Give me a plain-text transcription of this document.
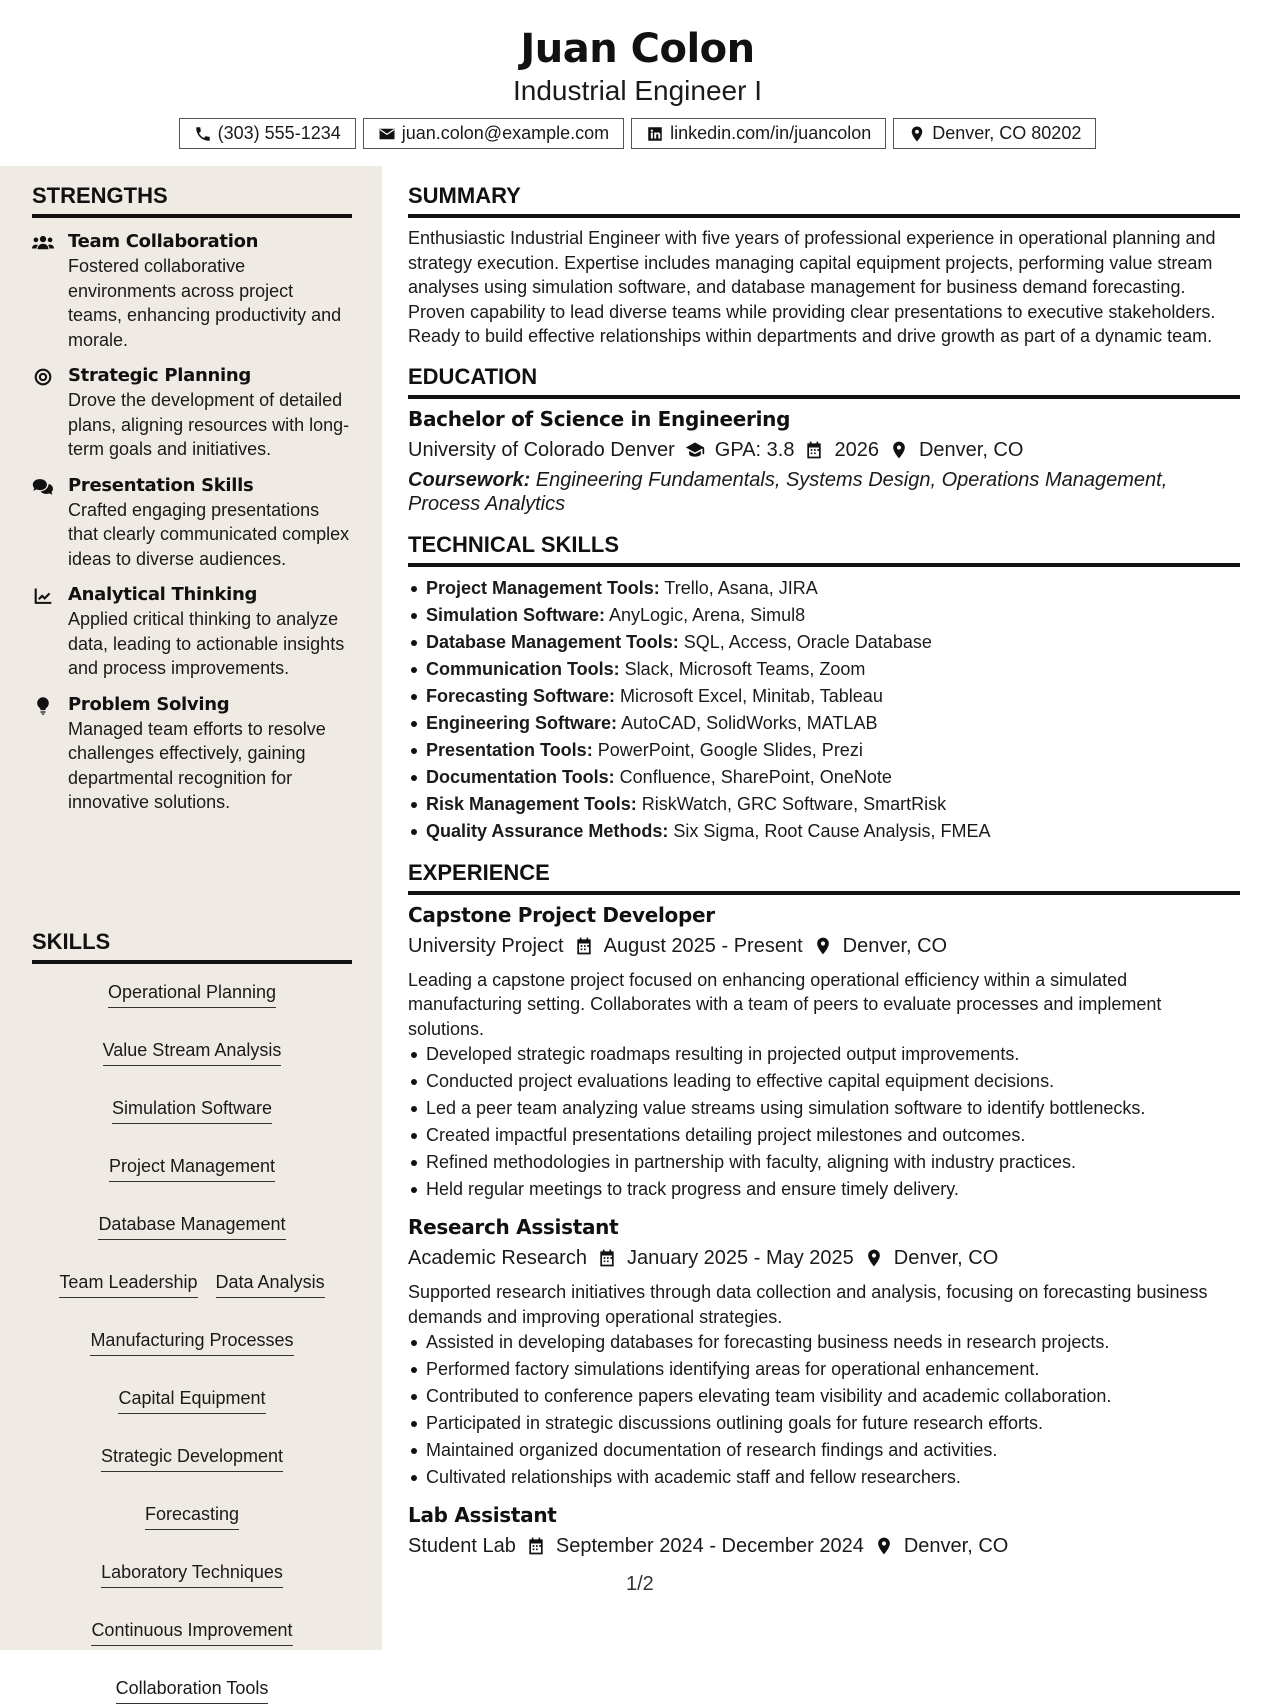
Juan Colon
Industrial Engineer I
(303) 555-1234	juan.colon@example.com	linkedin.com/in/juancolon	Denver, CO 80202
STRENGTHS
Team Collaboration

Fostered collaborative environments across project teams, enhancing productivity and morale.

Strategic Planning

Drove the development of detailed plans, aligning resources with long-term goals and initiatives.

Presentation Skills

Crafted engaging presentations that clearly communicated complex ideas to diverse audiences.

Analytical Thinking

Applied critical thinking to analyze data, leading to actionable insights and process improvements.

Problem Solving

Managed team efforts to resolve challenges effectively, gaining departmental recognition for innovative solutions.

SKILLS
Operational Planning
Value Stream Analysis
Simulation Software
Project Management
Database Management
Team Leadership Data Analysis
Manufacturing Processes
Capital Equipment
Strategic Development
Forecasting
Laboratory Techniques
Continuous Improvement
Collaboration Tools
SUMMARY

Enthusiastic Industrial Engineer with five years of professional experience in operational planning and strategy execution. Expertise includes managing capital equipment projects, performing value stream analyses using simulation software, and database management for business demand forecasting. Proven capability to lead diverse teams while providing clear presentations to executive stakeholders. Ready to build effective relationships within departments and drive growth as part of a dynamic team.

EDUCATION
Bachelor of Science in Engineering
University of Colorado Denver GPA: 3.8 2026 Denver, CO

Coursework: Engineering Fundamentals, Systems Design, Operations Management, Process Analytics

TECHNICAL SKILLS
Project Management Tools: Trello, Asana, JIRA
Simulation Software: AnyLogic, Arena, Simul8
Database Management Tools: SQL, Access, Oracle Database
Communication Tools: Slack, Microsoft Teams, Zoom
Forecasting Software: Microsoft Excel, Minitab, Tableau
Engineering Software: AutoCAD, SolidWorks, MATLAB
Presentation Tools: PowerPoint, Google Slides, Prezi
Documentation Tools: Confluence, SharePoint, OneNote
Risk Management Tools: RiskWatch, GRC Software, SmartRisk
Quality Assurance Methods: Six Sigma, Root Cause Analysis, FMEA
EXPERIENCE
Capstone Project Developer
University Project August 2025 - Present Denver, CO

Leading a capstone project focused on enhancing operational efficiency within a simulated manufacturing setting. Collaborates with a team of peers to evaluate processes and implement solutions.

Developed strategic roadmaps resulting in projected output improvements.
Conducted project evaluations leading to effective capital equipment decisions.
Led a peer team analyzing value streams using simulation software to identify bottlenecks.
Created impactful presentations detailing project milestones and outcomes.
Refined methodologies in partnership with faculty, aligning with industry practices.
Held regular meetings to track progress and ensure timely delivery.
Research Assistant
Academic Research January 2025 - May 2025 Denver, CO

Supported research initiatives through data collection and analysis, focusing on forecasting business demands and improving operational strategies.

Assisted in developing databases for forecasting business needs in research projects.
Performed factory simulations identifying areas for operational enhancement.
Contributed to conference papers elevating team visibility and academic collaboration.
Participated in strategic discussions outlining goals for future research efforts.
Maintained organized documentation of research findings and activities.
Cultivated relationships with academic staff and fellow researchers.
Lab Assistant
Student Lab September 2024 - December 2024 Denver, CO
1/2
